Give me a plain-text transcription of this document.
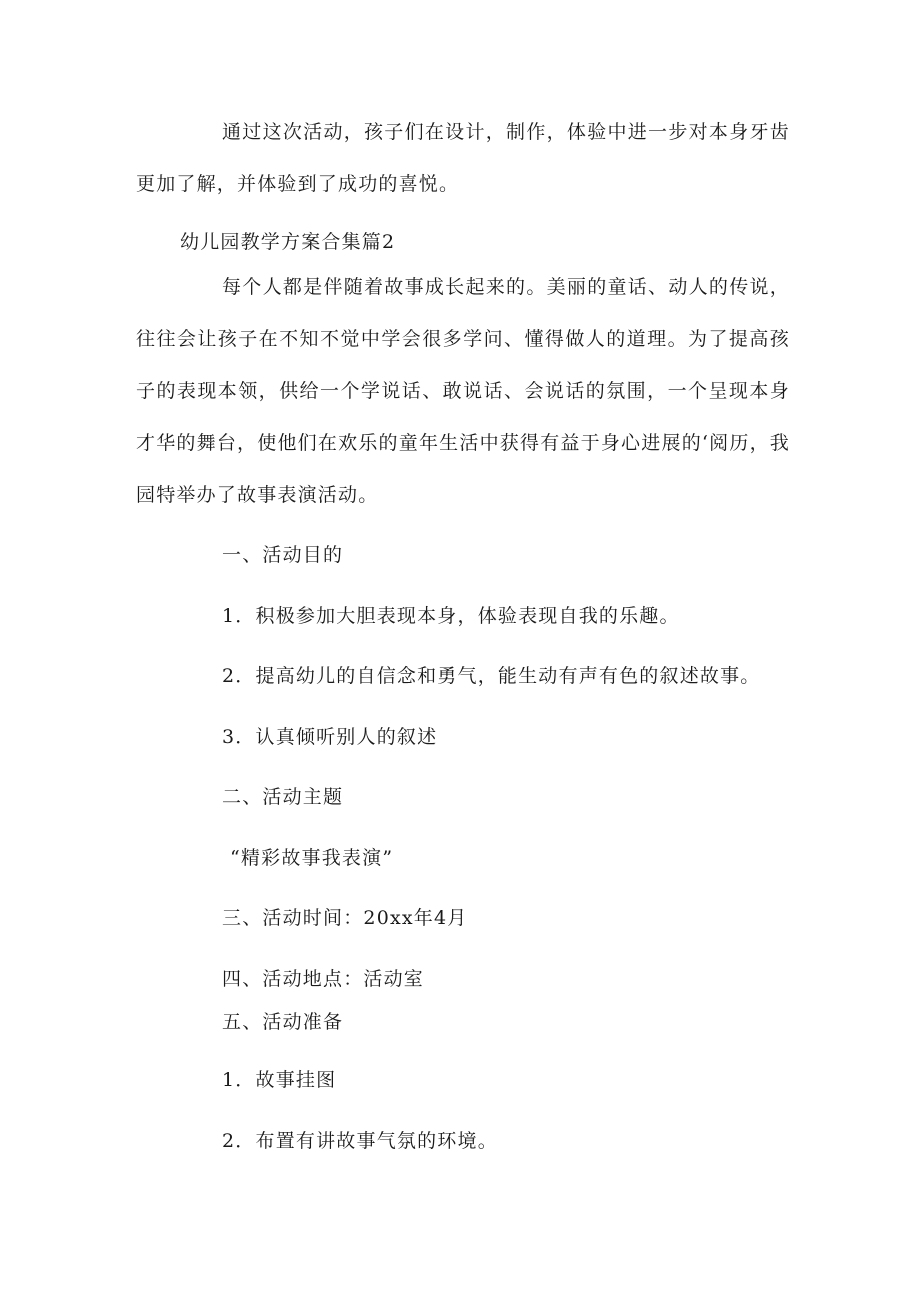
通过这次活动，孩子们在设计，制作，体验中进一步对本身牙齿更加了解，并体验到了成功的喜悦。

幼儿园教学方案合集篇2

每个人都是伴随着故事成长起来的。美丽的童话、动人的传说，往往会让孩子在不知不觉中学会很多学问、懂得做人的道理。为了提高孩子的表现本领，供给一个学说话、敢说话、会说话的氛围，一个呈现本身才华的舞台，使他们在欢乐的童年生活中获得有益于身心进展的‘阅历，我园特举办了故事表演活动。

一、活动目的

1．积极参加大胆表现本身，体验表现自我的乐趣。

2．提高幼儿的自信念和勇气，能生动有声有色的叙述故事。

3．认真倾听别人的叙述

二、活动主题

“精彩故事我表演”

三、活动时间：20xx年4月

四、活动地点：活动室

五、活动准备

1．故事挂图

2．布置有讲故事气氛的环境。
